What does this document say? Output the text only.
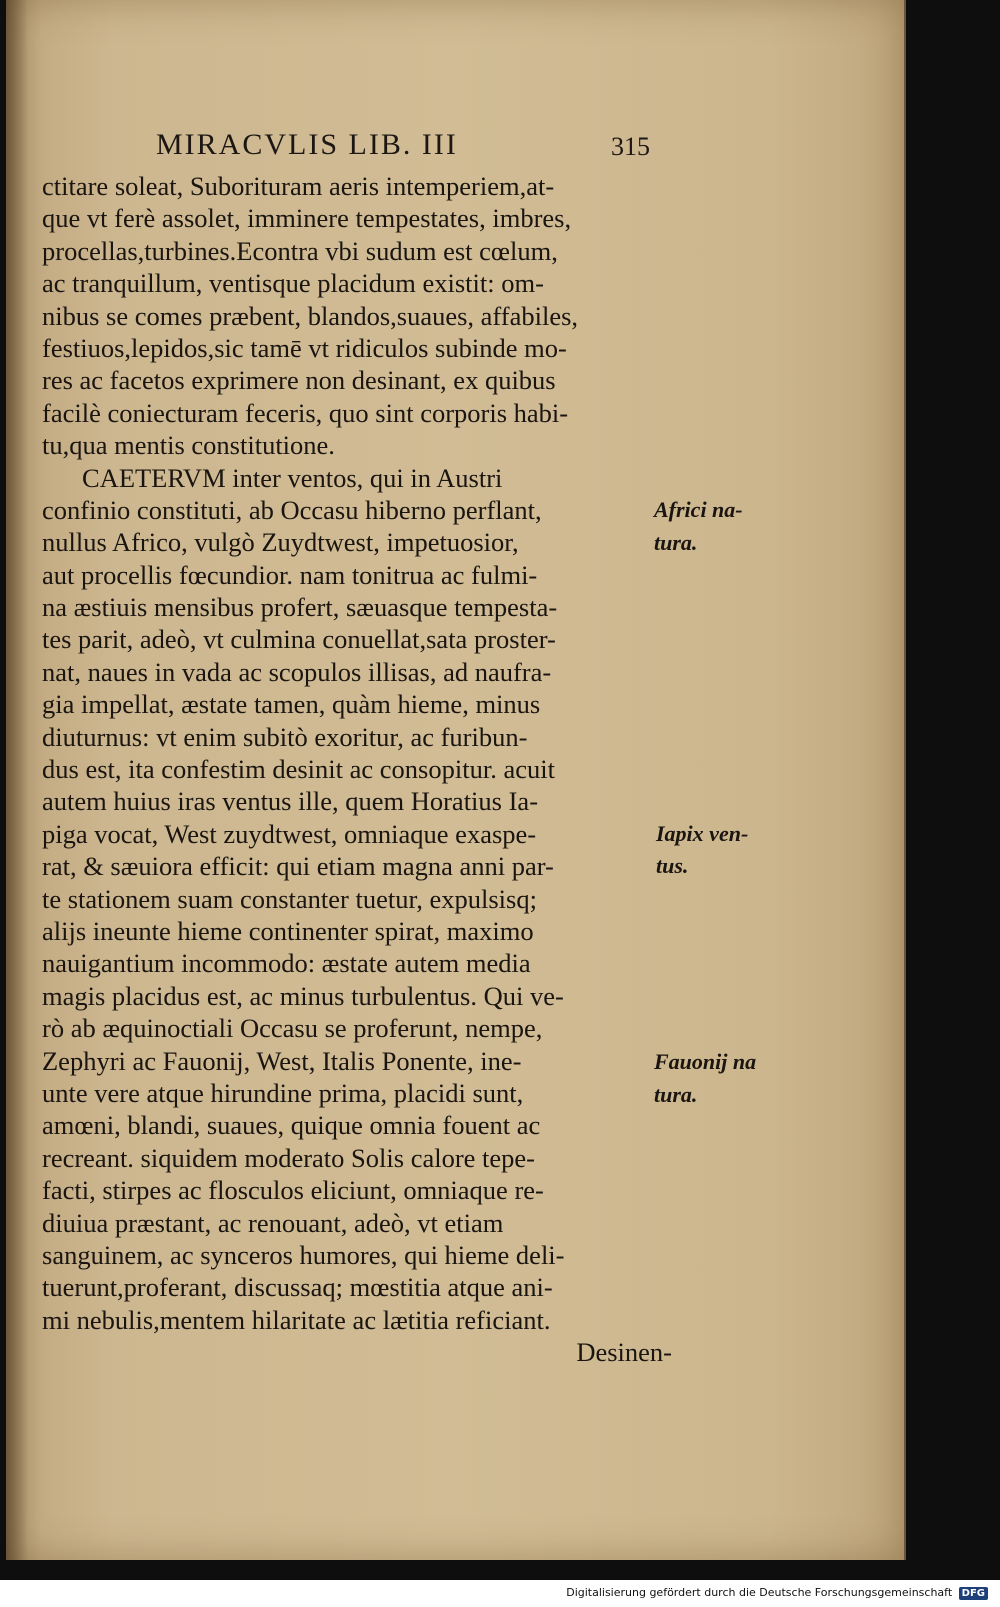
MIRACVLIS LIB. III	315
ctitare soleat, Suborituram aeris intemperiem,at-
que vt ferè assolet, imminere tempestates, imbres,
procellas,turbines.Econtra vbi sudum est cœlum,
ac tranquillum, ventisque placidum existit: om-
nibus se comes præbent, blandos,suaues, affabiles,
festiuos,lepidos,sic tamē vt ridiculos subinde mo-
res ac facetos exprimere non desinant, ex quibus
facilè coniecturam feceris, quo sint corporis habi-
tu,qua mentis constitutione.
CAETERVM inter ventos, qui in Austri
confinio constituti, ab Occasu hiberno perflant,
nullus Africo, vulgò Zuydtwest, impetuosior,
aut procellis fœcundior. nam tonitrua ac fulmi-
na æstiuis mensibus profert, sæuasque tempesta-
tes parit, adeò, vt culmina conuellat,sata proster-
nat, naues in vada ac scopulos illisas, ad naufra-
gia impellat, æstate tamen, quàm hieme, minus
diuturnus: vt enim subitò exoritur, ac furibun-
dus est, ita confestim desinit ac consopitur. acuit
autem huius iras ventus ille, quem Horatius Ia-
piga vocat, West zuydtwest, omniaque exaspe-
rat, & sæuiora efficit: qui etiam magna anni par-
te stationem suam constanter tuetur, expulsisq;
alijs ineunte hieme continenter spirat, maximo
nauigantium incommodo: æstate autem media
magis placidus est, ac minus turbulentus. Qui ve-
rò ab æquinoctiali Occasu se proferunt, nempe,
Zephyri ac Fauonij, West, Italis Ponente, ine-
unte vere atque hirundine prima, placidi sunt,
amœni, blandi, suaues, quique omnia fouent ac
recreant. siquidem moderato Solis calore tepe-
facti, stirpes ac flosculos eliciunt, omniaque re-
diuiua præstant, ac renouant, adeò, vt etiam
sanguinem, ac synceros humores, qui hieme deli-
tuerunt,proferant, discussaq; mœstitia atque ani-
mi nebulis,mentem hilaritate ac lætitia reficiant.
Desinen-
Africi na-
tura.
Iapix ven-
tus.
Fauonij na
tura.
Digitalisierung gefördert durch die Deutsche Forschungsgemeinschaft DFG
